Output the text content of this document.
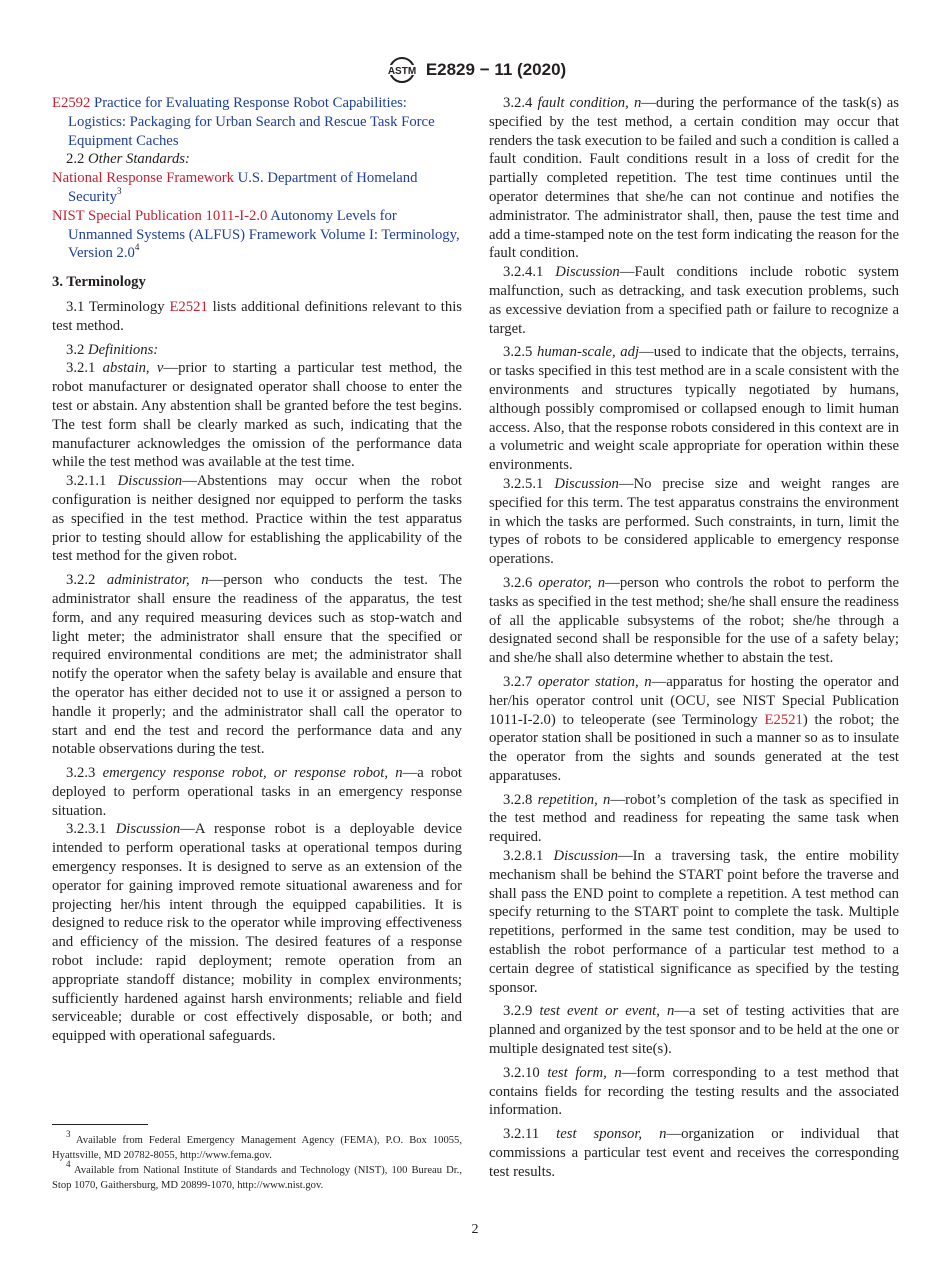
ASTM E2829 − 11 (2020)

E2592 Practice for Evaluating Response Robot Capabilities: Logistics: Packaging for Urban Search and Rescue Task Force Equipment Caches

2.2 Other Standards:

National Response Framework U.S. Department of Homeland Security$^3$

NIST Special Publication 1011-I-2.0 Autonomy Levels for Unmanned Systems (ALFUS) Framework Volume I: Terminology, Version $2.0^4$

3. Terminology

3.1 Terminology E2521 lists additional definitions relevant to this test method.

3.2 Definitions:

3.2.1 abstain, v—prior to starting a particular test method, the robot manufacturer or designated operator shall choose to enter the test or abstain. Any abstention shall be granted before the test begins. The test form shall be clearly marked as such, indicating that the manufacturer acknowledges the omission of the performance data while the test method was available at the test time.

3.2.1.1 Discussion—Abstentions may occur when the robot configuration is neither designed nor equipped to perform the tasks as specified in the test method. Practice within the test apparatus prior to testing should allow for establishing the applicability of the test method for the given robot.

3.2.2 administrator, n—person who conducts the test. The administrator shall ensure the readiness of the apparatus, the test form, and any required measuring devices such as stop-watch and light meter; the administrator shall ensure that the specified or required environmental conditions are met; the administrator shall notify the operator when the safety belay is available and ensure that the operator has either decided not to use it or assigned a person to handle it properly; and the administrator shall call the operator to start and end the test and record the performance data and any notable observations during the test.

3.2.3 emergency response robot, or response robot, n—a robot deployed to perform operational tasks in an emergency response situation.

3.2.3.1 Discussion—A response robot is a deployable device intended to perform operational tasks at operational tempos during emergency responses. It is designed to serve as an extension of the operator for gaining improved remote situational awareness and for projecting her/his intent through the equipped capabilities. It is designed to reduce risk to the operator while improving effectiveness and efficiency of the mission. The desired features of a response robot include: rapid deployment; remote operation from an appropriate standoff distance; mobility in complex environments; sufficiently hardened against harsh environments; reliable and field serviceable; durable or cost effectively disposable, or both; and equipped with operational safeguards.

3.2.4 fault condition, n—during the performance of the task(s) as specified by the test method, a certain condition may occur that renders the task execution to be failed and such a condition is called a fault condition. Fault conditions result in a loss of credit for the partially completed repetition. The test time continues until the operator determines that she/he can not continue and notifies the administrator. The administrator shall, then, pause the test time and add a time-stamped note on the test form indicating the reason for the fault condition.

3.2.4.1 Discussion—Fault conditions include robotic system malfunction, such as detracking, and task execution problems, such as excessive deviation from a specified path or failure to recognize a target.

3.2.5 human-scale, adj—used to indicate that the objects, terrains, or tasks specified in this test method are in a scale consistent with the environments and structures typically negotiated by humans, although possibly compromised or collapsed enough to limit human access. Also, that the response robots considered in this context are in a volumetric and weight scale appropriate for operation within these environments.

3.2.5.1 Discussion—No precise size and weight ranges are specified for this term. The test apparatus constrains the environment in which the tasks are performed. Such constraints, in turn, limit the types of robots to be considered applicable to emergency response operations.

3.2.6 operator, n—person who controls the robot to perform the tasks as specified in the test method; she/he shall ensure the readiness of all the applicable subsystems of the robot; she/he through a designated second shall be responsible for the use of a safety belay; and she/he shall also determine whether to abstain the test.

3.2.7 operator station, n—apparatus for hosting the operator and her/his operator control unit (OCU, see NIST Special Publication 1011-I-2.0) to teleoperate (see Terminology E2521) the robot; the operator station shall be positioned in such a manner so as to insulate the operator from the sights and sounds generated at the test apparatuses.

3.2.8 repetition, n—robot’s completion of the task as specified in the test method and readiness for repeating the same task when required.

3.2.8.1 Discussion—In a traversing task, the entire mobility mechanism shall be behind the START point before the traverse and shall pass the END point to complete a repetition. A test method can specify returning to the START point to complete the task. Multiple repetitions, performed in the same test condition, may be used to establish the robot performance of a particular test method to a certain degree of statistical significance as specified by the testing sponsor.

3.2.9 test event or event, n—a set of testing activities that are planned and organized by the test sponsor and to be held at the one or multiple designated test site(s).

3.2.10 test form, n—form corresponding to a test method that contains fields for recording the testing results and the associated information.

3.2.11 test sponsor, n—organization or individual that commissions a particular test event and receives the corresponding test results.

$^3$ Available from Federal Emergency Management Agency (FEMA), P.O. Box 10055, Hyattsville, MD 20782-8055, http://www.fema.gov.

$^4$ Available from National Institute of Standards and Technology (NIST), 100 Bureau Dr., Stop 1070, Gaithersburg, MD 20899-1070, http://www.nist.gov.

2
